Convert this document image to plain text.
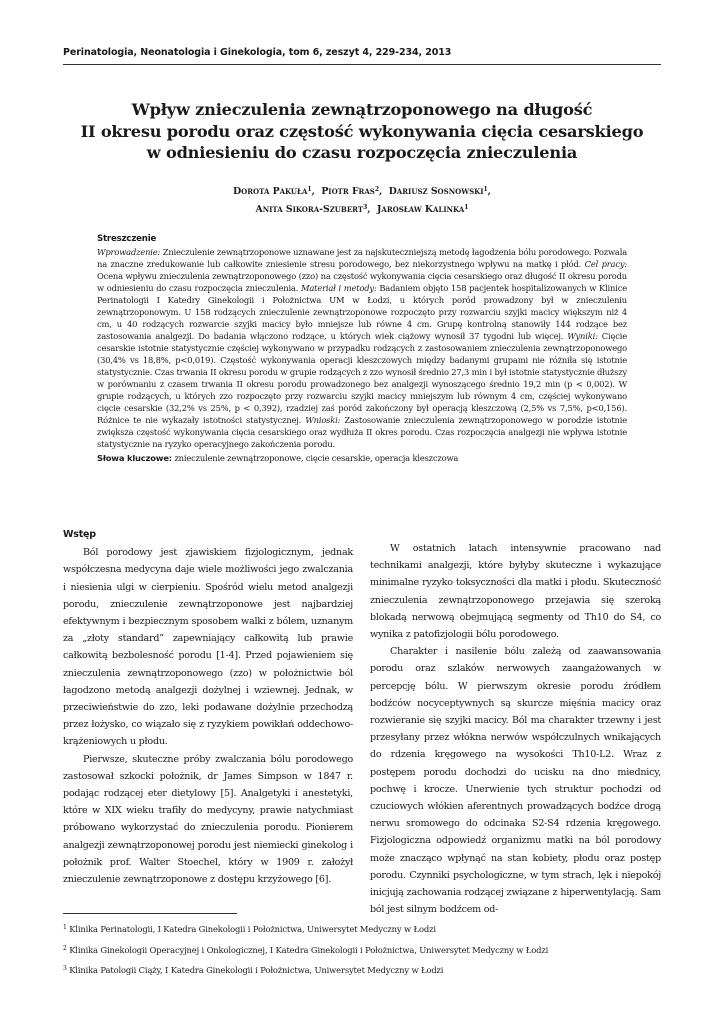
Perinatologia, Neonatologia i Ginekologia, tom 6, zeszyt 4, 229-234, 2013
Wpływ znieczulenia zewnątrzoponowego na długość
II okresu porodu oraz częstość wykonywania cięcia cesarskiego
w odniesieniu do czasu rozpoczęcia znieczulenia
Dorota Pakuła$^1$,  Piotr Fras$^2$,  Dariusz Sosnowski$^1$,
Anita Sikora-Szubert$^3$,  Jarosław Kalinka$^1$
Streszczenie
Wprowadzenie: Znieczulenie zewnątrzoponowe uznawane jest za najskuteczniejszą metodę łagodzenia bólu porodowego. Pozwala na znaczne zredukowanie lub całkowite zniesienie stresu porodowego, bez niekorzystnego wpływu na matkę i płód. Cel pracy: Ocena wpływu znieczulenia zewnątrzoponowego (zzo) na częstość wykonywania cięcia cesarskiego oraz długość II okresu porodu w odniesieniu do czasu rozpoczęcia znieczulenia. Materiał i metody: Badaniem objęto 158 pacjentek hospitalizowanych w Klinice Perinatologii I Katedry Ginekologii i Położnictwa UM w Łodzi, u których poród prowadzony był w znieczuleniu zewnątrzoponowym. U 158 rodzących znieczulenie zewnątrzoponowe rozpoczęto przy rozwarciu szyjki macicy większym niż 4 cm, u 40 rodzących rozwarcie szyjki macicy było mniejsze lub równe 4 cm. Grupę kontrolną stanowiły 144 rodzące bez zastosowania analgezji. Do badania włączono rodzące, u których wiek ciążowy wynosił 37 tygodni lub więcej. Wyniki: Cięcie cesarskie istotnie statystycznie częściej wykonywano w przypadku rodzących z zastosowaniem znieczulenia zewnątrzoponowego (30,4% vs 18,8%, p<0,019). Częstość wykonywania operacji kleszczowych między badanymi grupami nie różniła się istotnie statystycznie. Czas trwania II okresu porodu w grupie rodzących z zzo wynosił średnio 27,3 min i był istotnie statystycznie dłuższy w porównaniu z czasem trwania II okresu porodu prowadzonego bez analgezji wynoszącego średnio 19,2 min (p < 0,002). W grupie rodzących, u których zzo rozpoczęto przy rozwarciu szyjki macicy mniejszym lub równym 4 cm, częściej wykonywano cięcie cesarskie (32,2% vs 25%, p < 0,392), rzadziej zaś poród zakończony był operacją kleszczową (2,5% vs 7,5%, p<0,156). Różnice te nie wykazały istotności statystycznej. Wnioski: Zastosowanie znieczulenia zewnątrzoponowego w porodzie istotnie zwiększa częstość wykonywania cięcia cesarskiego oraz wydłuża II okres porodu. Czas rozpoczęcia analgezji nie wpływa istotnie statystycznie na ryzyko operacyjnego zakończenia porodu.
Słowa kluczowe: znieczulenie zewnątrzoponowe, cięcie cesarskie, operacja kleszczowa
Wstęp

Ból porodowy jest zjawiskiem fizjologicznym, jednak współczesna medycyna daje wiele możliwości jego zwalczania i niesienia ulgi w cierpieniu. Spośród wielu metod analgezji porodu, znieczulenie zewnątrzoponowe jest najbardziej efektywnym i bezpiecznym sposobem walki z bólem, uznanym za „złoty standard” zapewniający całkowitą lub prawie całkowitą bezbolesność porodu [1-4]. Przed pojawieniem się znieczulenia zewnątrzoponowego (zzo) w położnictwie ból łagodzono metodą analgezji dożylnej i wziewnej. Jednak, w przeciwieństwie do zzo, leki podawane dożylnie przechodzą przez łożysko, co wiązało się z ryzykiem powikłań oddechowo-krążeniowych u płodu.

Pierwsze, skuteczne próby zwalczania bólu porodowego zastosował szkocki położnik, dr James Simpson w 1847 r. podając rodzącej eter dietylowy [5]. Analgetyki i anestetyki, które w XIX wieku trafiły do medycyny, prawie natychmiast próbowano wykorzystać do znieczulenia porodu. Pionierem analgezji zewnątrzoponowej porodu jest niemiecki ginekolog i położnik prof. Walter Stoechel, który w 1909 r. założył znieczulenie zewnątrzoponowe z dostępu krzyżowego [6].

W ostatnich latach intensywnie pracowano nad technikami analgezji, które byłyby skuteczne i wykazujące minimalne ryzyko toksyczności dla matki i płodu. Skuteczność znieczulenia zewnątrzoponowego przejawia się szeroką blokadą nerwową obejmującą segmenty od Th10 do S4, co wynika z patofizjologii bólu porodowego.

Charakter i nasilenie bólu zależą od zaawansowania porodu oraz szlaków nerwowych zaangażowanych w percepcję bólu. W pierwszym okresie porodu źródłem bodźców nocyceptywnych są skurcze mięśnia macicy oraz rozwieranie się szyjki macicy. Ból ma charakter trzewny i jest przesyłany przez włókna nerwów współczulnych wnikających do rdzenia kręgowego na wysokości Th10-L2. Wraz z postępem porodu dochodzi do ucisku na dno miednicy, pochwę i krocze. Unerwienie tych struktur pochodzi od czuciowych włókien aferentnych prowadzących bodźce drogą nerwu sromowego do odcinaka S2-S4 rdzenia kręgowego. Fizjologiczna odpowiedź organizmu matki na ból porodowy może znacząco wpłynąć na stan kobiety, płodu oraz postęp porodu. Czynniki psychologiczne, w tym strach, lęk i niepokój inicjują zachowania rodzącej związane z hiperwentylacją. Sam ból jest silnym bodźcem od-

$^1$ Klinika Perinatologii, I Katedra Ginekologii i Położnictwa, Uniwersytet Medyczny w Łodzi
$^2$ Klinika Ginekologii Operacyjnej i Onkologicznej, I Katedra Ginekologii i Położnictwa, Uniwersytet Medyczny w Łodzi
$^3$ Klinika Patologii Ciąży, I Katedra Ginekologii i Położnictwa, Uniwersytet Medyczny w Łodzi
